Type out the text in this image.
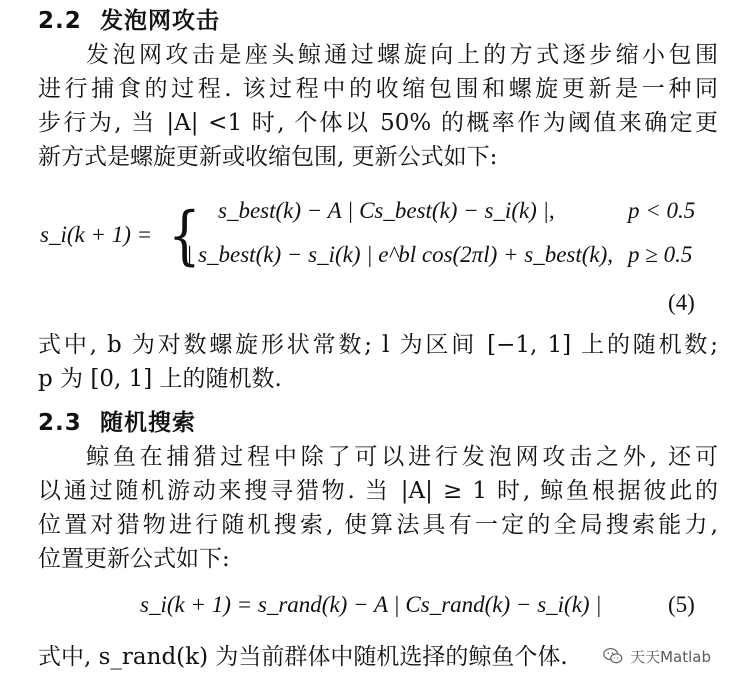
2.2 发泡网攻击
发泡网攻击是座头鲸通过螺旋向上的方式逐步缩小包围
进行捕食的过程. 该过程中的收缩包围和螺旋更新是一种同
步行为, 当 |A| <1 时, 个体以 50% 的概率作为阈值来确定更
新方式是螺旋更新或收缩包围, 更新公式如下:
s_i(k + 1) = { s_best(k) − A | Cs_best(k) − s_i(k) |,	p < 0.5
| s_best(k) − s_i(k) | e^bl cos(2πl) + s_best(k), p ≥ 0.5
(4)
式中, b 为对数螺旋形状常数; l 为区间 [−1, 1] 上的随机数;
p 为 [0, 1] 上的随机数.
2.3 随机搜索
鲸鱼在捕猎过程中除了可以进行发泡网攻击之外, 还可
以通过随机游动来搜寻猎物. 当 |A| ≥ 1 时, 鲸鱼根据彼此的
位置对猎物进行随机搜索, 使算法具有一定的全局搜索能力,
位置更新公式如下:
s_i(k + 1) = s_rand(k) − A | Cs_rand(k) − s_i(k) |	(5)
式中, s_rand(k) 为当前群体中随机选择的鲸鱼个体.	天天Matlab
